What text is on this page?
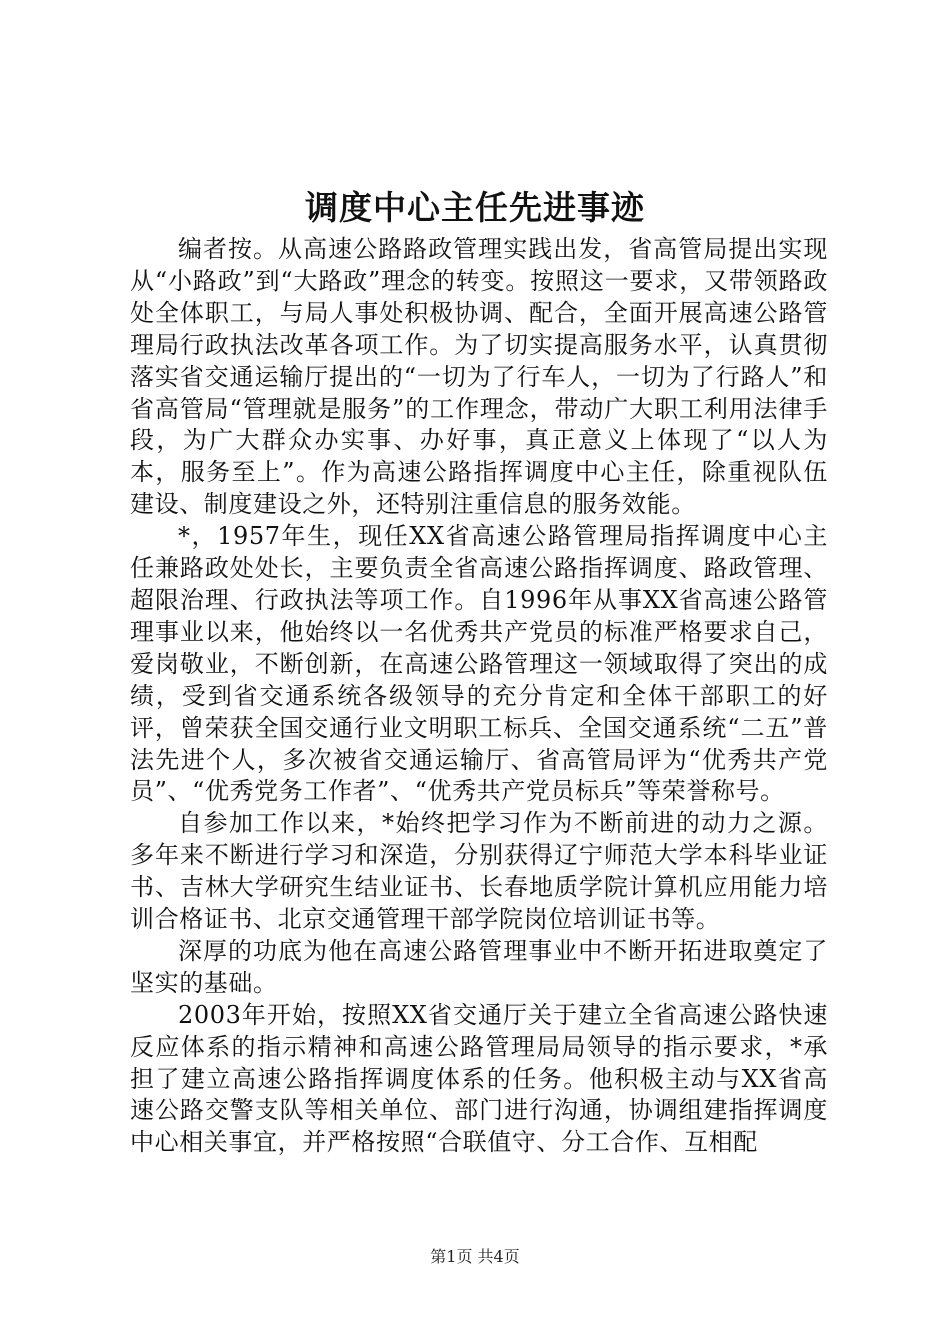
调度中心主任先进事迹

编者按。从高速公路路政管理实践出发，省高管局提出实现从“小路政”到“大路政”理念的转变。按照这一要求，又带领路政处全体职工，与局人事处积极协调、配合，全面开展高速公路管理局行政执法改革各项工作。为了切实提高服务水平，认真贯彻落实省交通运输厅提出的“一切为了行车人，一切为了行路人”和省高管局“管理就是服务”的工作理念，带动广大职工利用法律手段，为广大群众办实事、办好事，真正意义上体现了“以人为本，服务至上”。作为高速公路指挥调度中心主任，除重视队伍建设、制度建设之外，还特别注重信息的服务效能。

*，1957年生，现任XX省高速公路管理局指挥调度中心主任兼路政处处长，主要负责全省高速公路指挥调度、路政管理、超限治理、行政执法等项工作。自1996年从事XX省高速公路管理事业以来，他始终以一名优秀共产党员的标准严格要求自己，爱岗敬业，不断创新，在高速公路管理这一领域取得了突出的成绩，受到省交通系统各级领导的充分肯定和全体干部职工的好评，曾荣获全国交通行业文明职工标兵、全国交通系统“二五”普法先进个人，多次被省交通运输厅、省高管局评为“优秀共产党员”、“优秀党务工作者”、“优秀共产党员标兵”等荣誉称号。

自参加工作以来，*始终把学习作为不断前进的动力之源。多年来不断进行学习和深造，分别获得辽宁师范大学本科毕业证书、吉林大学研究生结业证书、长春地质学院计算机应用能力培训合格证书、北京交通管理干部学院岗位培训证书等。

深厚的功底为他在高速公路管理事业中不断开拓进取奠定了坚实的基础。

2003年开始，按照XX省交通厅关于建立全省高速公路快速反应体系的指示精神和高速公路管理局局领导的指示要求，*承担了建立高速公路指挥调度体系的任务。他积极主动与XX省高速公路交警支队等相关单位、部门进行沟通，协调组建指挥调度中心相关事宜，并严格按照“合联值守、分工合作、互相配

第1页 共4页
